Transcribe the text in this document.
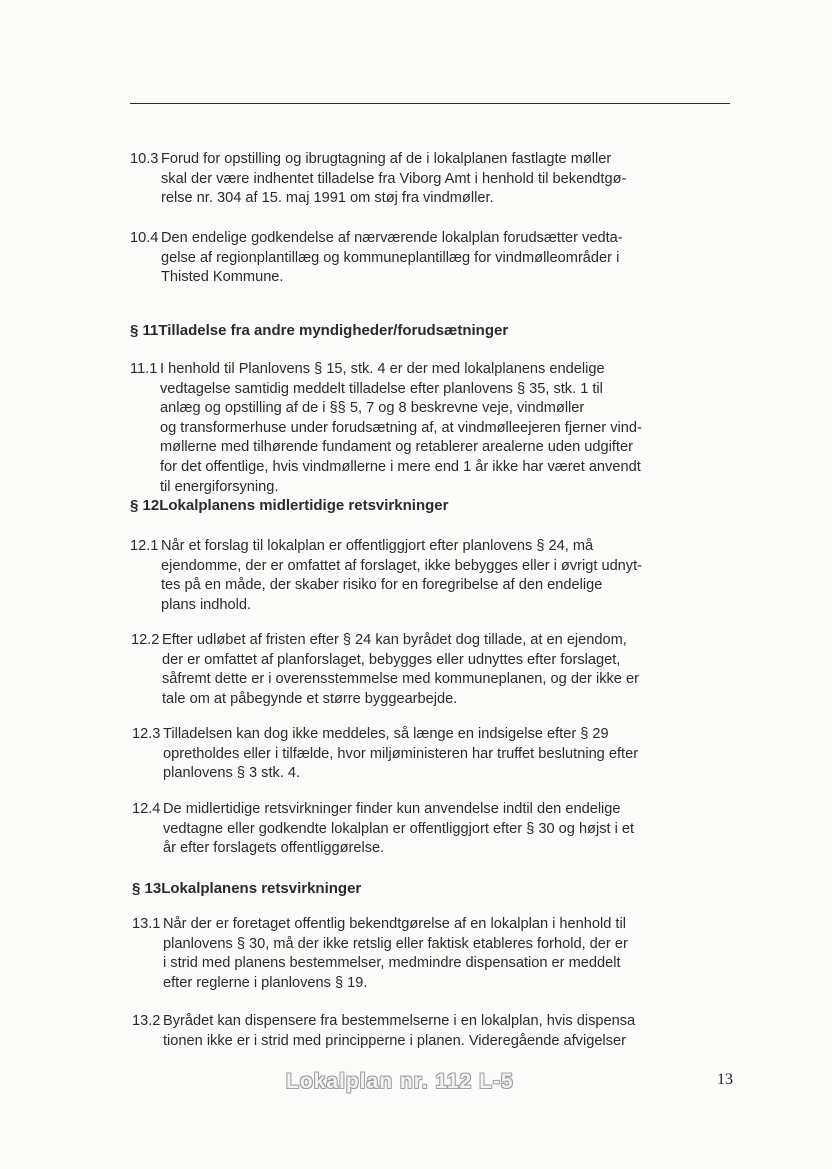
10.3 Forud for opstilling og ibrugtagning af de i lokalplanen fastlagte møller
skal der være indhentet tilladelse fra Viborg Amt i henhold til bekendtgø-
relse nr. 304 af 15. maj 1991 om støj fra vindmøller.
10.4 Den endelige godkendelse af nærværende lokalplan forudsætter vedta-
gelse af regionplantillæg og kommuneplantillæg for vindmølleområder i
Thisted Kommune.
§ 11Tilladelse fra andre myndigheder/forudsætninger
11.1 I henhold til Planlovens § 15, stk. 4 er der med lokalplanens endelige
vedtagelse samtidig meddelt tilladelse efter planlovens § 35, stk. 1 til
anlæg og opstilling af de i §§ 5, 7 og 8 beskrevne veje, vindmøller
og transformerhuse under forudsætning af, at vindmølleejeren fjerner vind-
møllerne med tilhørende fundament og retablerer arealerne uden udgifter
for det offentlige, hvis vindmøllerne i mere end 1 år ikke har været anvendt
til energiforsyning.
§ 12Lokalplanens midlertidige retsvirkninger
12.1 Når et forslag til lokalplan er offentliggjort efter planlovens § 24, må
ejendomme, der er omfattet af forslaget, ikke bebygges eller i øvrigt udnyt-
tes på en måde, der skaber risiko for en foregribelse af den endelige
plans indhold.
12.2 Efter udløbet af fristen efter § 24 kan byrådet dog tillade, at en ejendom,
der er omfattet af planforslaget, bebygges eller udnyttes efter forslaget,
såfremt dette er i overensstemmelse med kommuneplanen, og der ikke er
tale om at påbegynde et større byggearbejde.
12.3 Tilladelsen kan dog ikke meddeles, så længe en indsigelse efter § 29
opretholdes eller i tilfælde, hvor miljøministeren har truffet beslutning efter
planlovens § 3 stk. 4.
12.4 De midlertidige retsvirkninger finder kun anvendelse indtil den endelige
vedtagne eller godkendte lokalplan er offentliggjort efter § 30 og højst i et
år efter forslagets offentliggørelse.
§ 13Lokalplanens retsvirkninger
13.1 Når der er foretaget offentlig bekendtgørelse af en lokalplan i henhold til
planlovens § 30, må der ikke retslig eller faktisk etableres forhold, der er
i strid med planens bestemmelser, medmindre dispensation er meddelt
efter reglerne i planlovens § 19.
13.2 Byrådet kan dispensere fra bestemmelserne i en lokalplan, hvis dispensa
tionen ikke er i strid med principperne i planen. Videregående afvigelser
Lokalplan nr. 112 L-5	13
